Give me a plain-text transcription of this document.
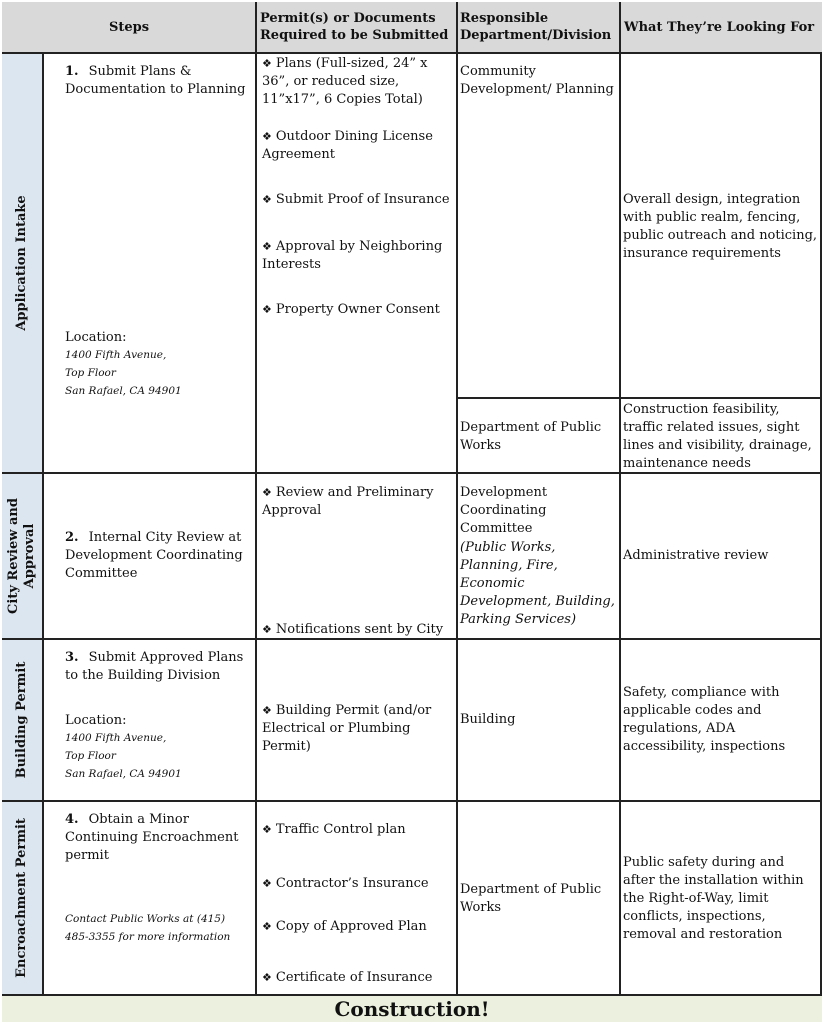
Steps
Permit(s) or Documents Required to be Submitted
Responsible Department/Division
What They’re Looking For
Application Intake
City Review and Approval
Building Permit
Encroachment Permit
1. Submit Plans & Documentation to Planning
Location:
1400 Fifth Avenue,
Top Floor
San Rafael, CA 94901
❖ Plans (Full-sized, 24” x 36”, or reduced size, 11”x17”, 6 Copies Total)
❖ Outdoor Dining License Agreement
❖ Submit Proof of Insurance
❖ Approval by Neighboring Interests
❖ Property Owner Consent
Community Development/ Planning
Overall design, integration with public realm, fencing, public outreach and noticing, insurance requirements
Department of Public Works
Construction feasibility, traffic related issues, sight lines and visibility, drainage, maintenance needs
2. Internal City Review at Development Coordinating Committee
❖ Review and Preliminary Approval
❖ Notifications sent by City
Development Coordinating Committee
(Public Works, Planning, Fire, Economic Development, Building, Parking Services)
Administrative review
3. Submit Approved Plans to the Building Division
Location:
1400 Fifth Avenue,
Top Floor
San Rafael, CA 94901
❖ Building Permit (and/or Electrical or Plumbing Permit)
Building
Safety, compliance with applicable codes and regulations, ADA accessibility, inspections
4. Obtain a Minor Continuing Encroachment permit
Contact Public Works at (415) 485-3355 for more information
❖ Traffic Control plan
❖ Contractor’s Insurance
❖ Copy of Approved Plan
❖ Certificate of Insurance
Department of Public Works
Public safety during and after the installation within the Right-of-Way, limit conflicts, inspections, removal and restoration
Construction!
